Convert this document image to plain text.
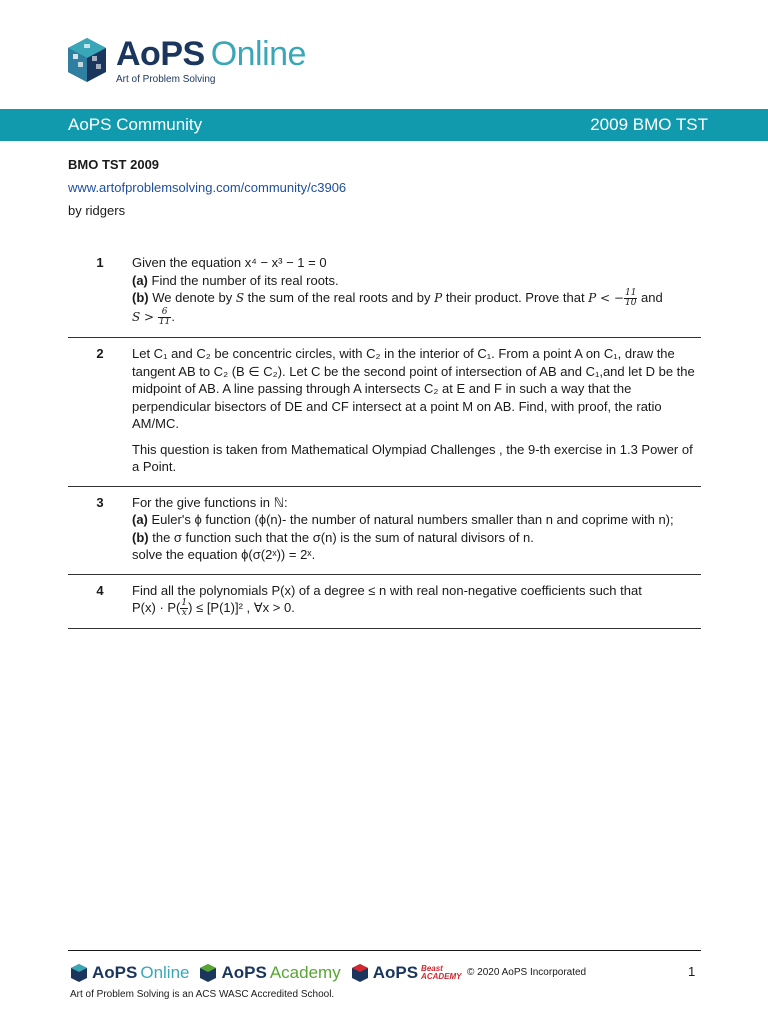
AoPS Online
Art of Problem Solving
AoPS Community	2009 BMO TST
BMO TST 2009
www.artofproblemsolving.com/community/c3906
by ridgers
1	Given the equation x⁴ − x³ − 1 = 0

(a) Find the number of its real roots.

(b) We denote by S the sum of the real roots and by P their product. Prove that P < − $\frac{11}{10}$ and
$S > \frac{6}{11}$ .

2	Let C₁ and C₂ be concentric circles, with C₂ in the interior of C₁. From a point A on C₁, draw the tangent AB to C₂ (B ∈ C₂). Let C be the second point of intersection of AB and C₁,and let D be the midpoint of AB. A line passing through A intersects C₂ at E and F in such a way that the perpendicular bisectors of DE and CF intersect at a point M on AB. Find, with proof, the ratio AM/MC.

This question is taken from Mathematical Olympiad Challenges , the 9-th exercise in 1.3 Power of a Point.

3	For the give functions in ℕ:

(a) Euler's ϕ function (ϕ(n)- the number of natural numbers smaller than n and coprime with n);

(b) the σ function such that the σ(n) is the sum of natural divisors of n.

solve the equation ϕ(σ(2ˣ)) = 2ˣ.

4	Find all the polynomials P(x) of a degree ≤ n with real non-negative coefficients such that

$P(x) \cdot P( \frac{1}{x}$ ) ≤ [P(1)]² , ∀x > 0.

AoPS Online AoPS Academy AoPS Beast
ACADEMY © 2020 AoPS Incorporated	1
Art of Problem Solving is an ACS WASC Accredited School.
